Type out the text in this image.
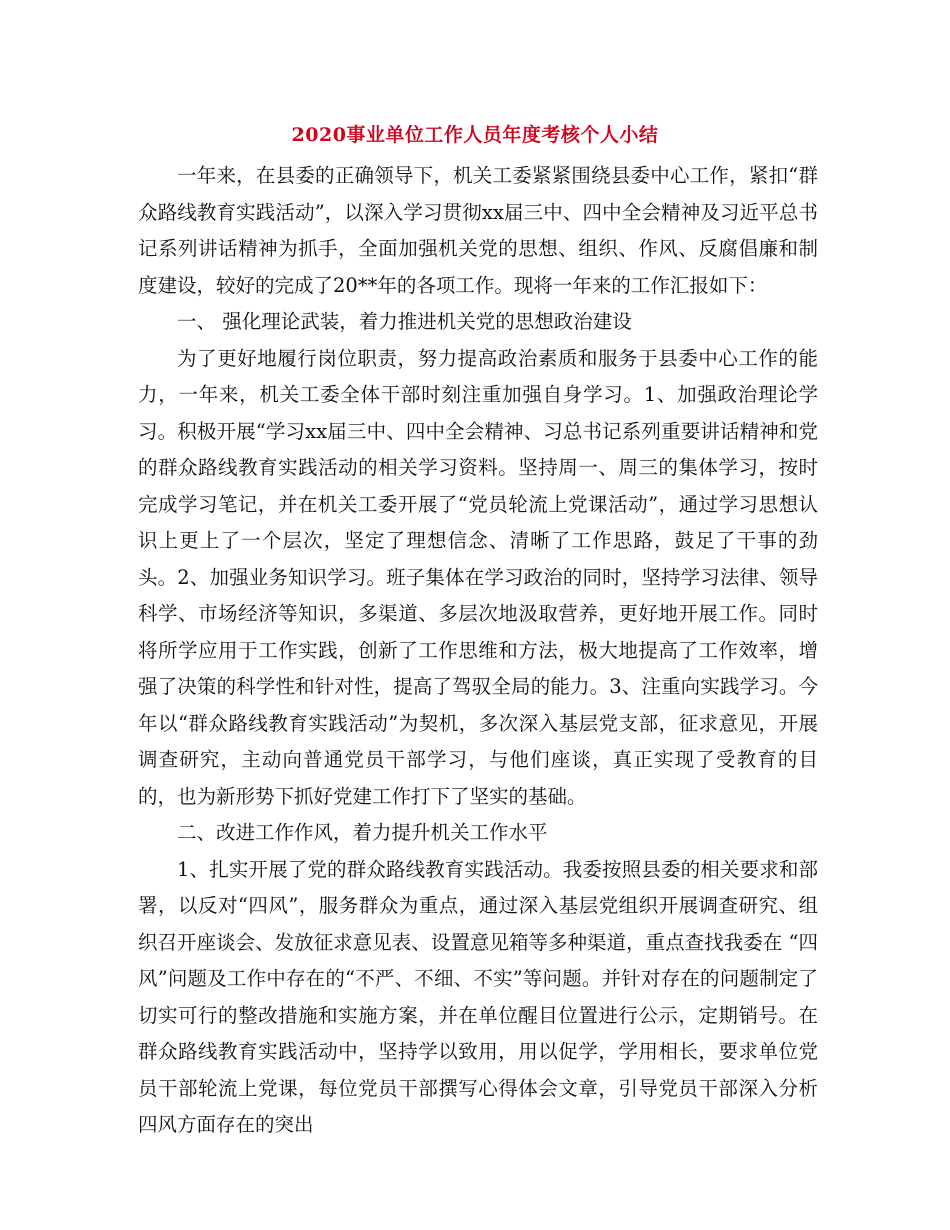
2020事业单位工作人员年度考核个人小结

一年来，在县委的正确领导下，机关工委紧紧围绕县委中心工作，紧扣“群众路线教育实践活动”，以深入学习贯彻xx届三中、四中全会精神及习近平总书记系列讲话精神为抓手，全面加强机关党的思想、组织、作风、反腐倡廉和制度建设，较好的完成了20**年的各项工作。现将一年来的工作汇报如下：

一、 强化理论武装，着力推进机关党的思想政治建设

为了更好地履行岗位职责，努力提高政治素质和服务于县委中心工作的能力，一年来，机关工委全体干部时刻注重加强自身学习。1、加强政治理论学习。积极开展“学习xx届三中、四中全会精神、习总书记系列重要讲话精神和党的群众路线教育实践活动的相关学习资料。坚持周一、周三的集体学习，按时完成学习笔记，并在机关工委开展了“党员轮流上党课活动”，通过学习思想认识上更上了一个层次，坚定了理想信念、清晰了工作思路，鼓足了干事的劲头。2、加强业务知识学习。班子集体在学习政治的同时，坚持学习法律、领导科学、市场经济等知识，多渠道、多层次地汲取营养，更好地开展工作。同时将所学应用于工作实践，创新了工作思维和方法，极大地提高了工作效率，增强了决策的科学性和针对性，提高了驾驭全局的能力。3、注重向实践学习。今年以“群众路线教育实践活动”为契机，多次深入基层党支部，征求意见，开展调查研究，主动向普通党员干部学习，与他们座谈，真正实现了受教育的目的，也为新形势下抓好党建工作打下了坚实的基础。

二、改进工作作风，着力提升机关工作水平

1、扎实开展了党的群众路线教育实践活动。我委按照县委的相关要求和部署，以反对“四风”，服务群众为重点，通过深入基层党组织开展调查研究、组织召开座谈会、发放征求意见表、设置意见箱等多种渠道，重点查找我委在 “四风”问题及工作中存在的“不严、不细、不实”等问题。并针对存在的问题制定了切实可行的整改措施和实施方案，并在单位醒目位置进行公示，定期销号。在群众路线教育实践活动中，坚持学以致用，用以促学，学用相长，要求单位党员干部轮流上党课，每位党员干部撰写心得体会文章，引导党员干部深入分析四风方面存在的突出
